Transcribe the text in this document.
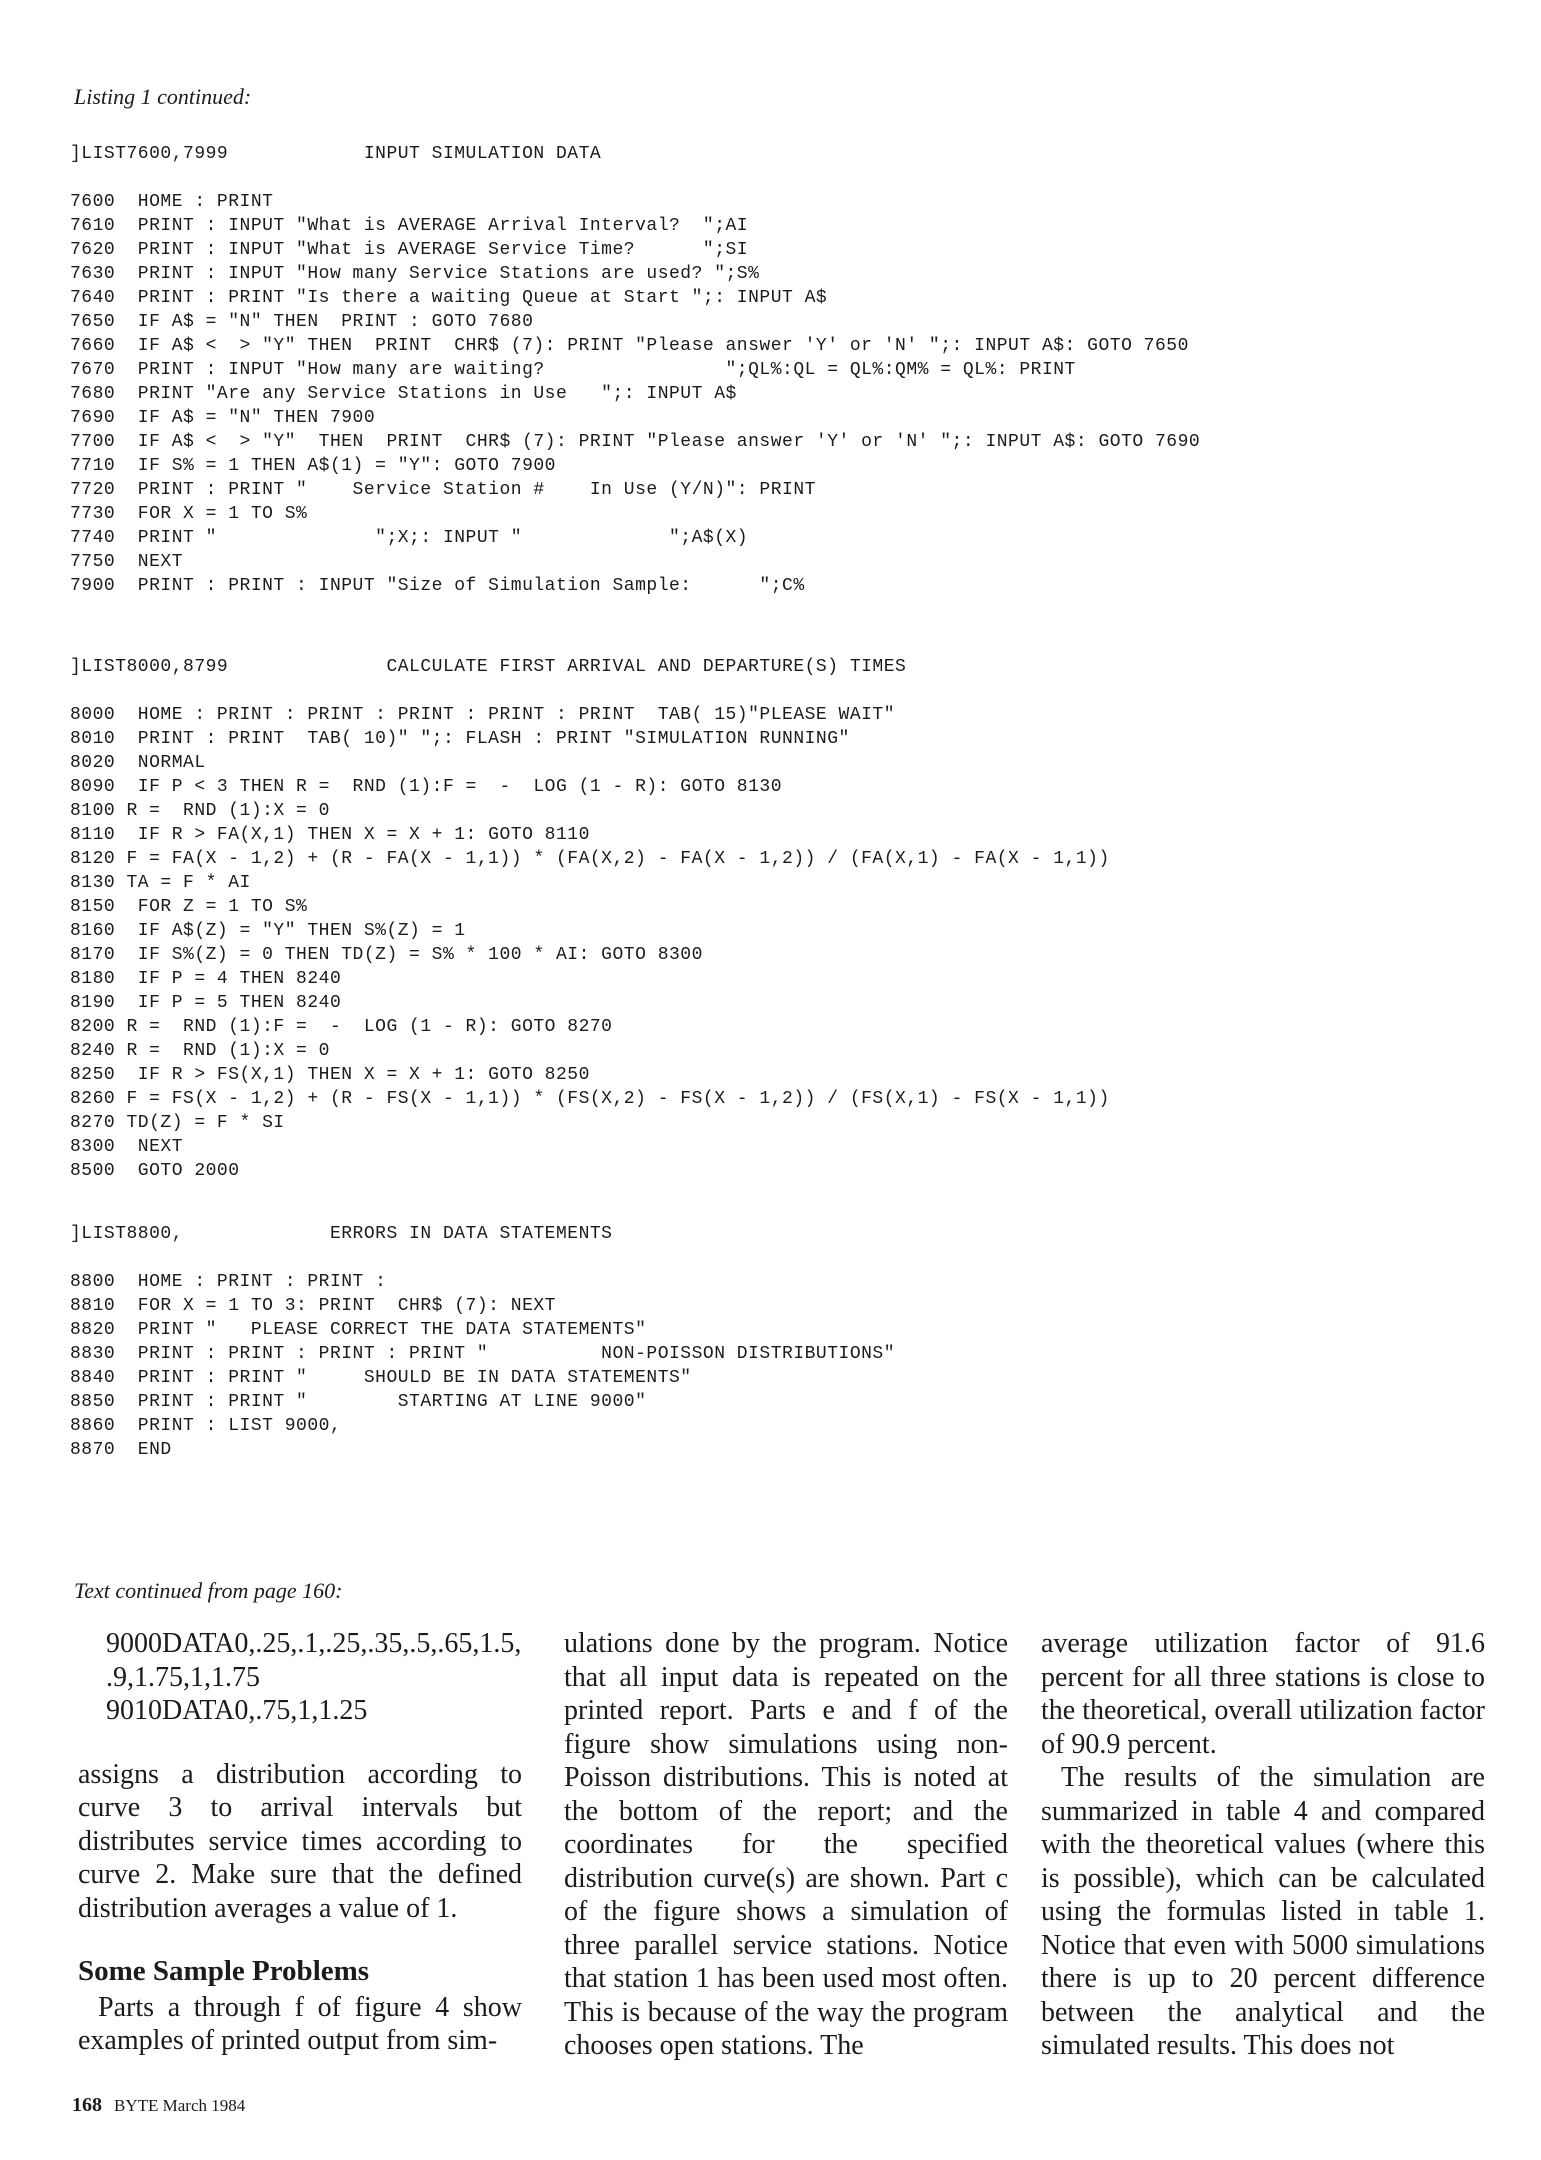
Listing 1 continued:
]LIST7600,7999            INPUT SIMULATION DATA
7600  HOME : PRINT
7610  PRINT : INPUT "What is AVERAGE Arrival Interval?  ";AI
7620  PRINT : INPUT "What is AVERAGE Service Time?      ";SI
7630  PRINT : INPUT "How many Service Stations are used? ";S%
7640  PRINT : PRINT "Is there a waiting Queue at Start ";: INPUT A$
7650  IF A$ = "N" THEN  PRINT : GOTO 7680
7660  IF A$ <  > "Y" THEN  PRINT  CHR$ (7): PRINT "Please answer 'Y' or 'N' ";: INPUT A$: GOTO 7650
7670  PRINT : INPUT "How many are waiting?                ";QL%:QL = QL%:QM% = QL%: PRINT
7680  PRINT "Are any Service Stations in Use   ";: INPUT A$
7690  IF A$ = "N" THEN 7900
7700  IF A$ <  > "Y"  THEN  PRINT  CHR$ (7): PRINT "Please answer 'Y' or 'N' ";: INPUT A$: GOTO 7690
7710  IF S% = 1 THEN A$(1) = "Y": GOTO 7900
7720  PRINT : PRINT "    Service Station #    In Use (Y/N)": PRINT
7730  FOR X = 1 TO S%
7740  PRINT "              ";X;: INPUT "             ";A$(X)
7750  NEXT
7900  PRINT : PRINT : INPUT "Size of Simulation Sample:      ";C%
]LIST8000,8799              CALCULATE FIRST ARRIVAL AND DEPARTURE(S) TIMES
8000  HOME : PRINT : PRINT : PRINT : PRINT : PRINT  TAB( 15)"PLEASE WAIT"
8010  PRINT : PRINT  TAB( 10)" ";: FLASH : PRINT "SIMULATION RUNNING"
8020  NORMAL
8090  IF P < 3 THEN R =  RND (1):F =  -  LOG (1 - R): GOTO 8130
8100 R =  RND (1):X = 0
8110  IF R > FA(X,1) THEN X = X + 1: GOTO 8110
8120 F = FA(X - 1,2) + (R - FA(X - 1,1)) * (FA(X,2) - FA(X - 1,2)) / (FA(X,1) - FA(X - 1,1))
8130 TA = F * AI
8150  FOR Z = 1 TO S%
8160  IF A$(Z) = "Y" THEN S%(Z) = 1
8170  IF S%(Z) = 0 THEN TD(Z) = S% * 100 * AI: GOTO 8300
8180  IF P = 4 THEN 8240
8190  IF P = 5 THEN 8240
8200 R =  RND (1):F =  -  LOG (1 - R): GOTO 8270
8240 R =  RND (1):X = 0
8250  IF R > FS(X,1) THEN X = X + 1: GOTO 8250
8260 F = FS(X - 1,2) + (R - FS(X - 1,1)) * (FS(X,2) - FS(X - 1,2)) / (FS(X,1) - FS(X - 1,1))
8270 TD(Z) = F * SI
8300  NEXT
8500  GOTO 2000
]LIST8800,             ERRORS IN DATA STATEMENTS
8800  HOME : PRINT : PRINT :
8810  FOR X = 1 TO 3: PRINT  CHR$ (7): NEXT
8820  PRINT "   PLEASE CORRECT THE DATA STATEMENTS"
8830  PRINT : PRINT : PRINT : PRINT "          NON-POISSON DISTRIBUTIONS"
8840  PRINT : PRINT "     SHOULD BE IN DATA STATEMENTS"
8850  PRINT : PRINT "        STARTING AT LINE 9000"
8860  PRINT : LIST 9000,
8870  END
Text continued from page 160:
9000DATA0,.25,.1,.25,.35,.5,.65,1.5,
.9,1.75,1,1.75
9010DATA0,.75,1,1.25

assigns a distribution according to curve 3 to arrival intervals but distributes service times according to curve 2. Make sure that the defined distribution averages a value of 1.

Some Sample Problems

Parts a through f of figure 4 show examples of printed output from sim-

ulations done by the program. Notice that all input data is repeated on the printed report. Parts e and f of the figure show simulations using non-Poisson distributions. This is noted at the bottom of the report; and the coordinates for the specified distribution curve(s) are shown. Part c of the figure shows a simulation of three parallel service stations. Notice that station 1 has been used most often. This is because of the way the program chooses open stations. The

average utilization factor of 91.6 percent for all three stations is close to the theoretical, overall utilization factor of 90.9 percent.

The results of the simulation are summarized in table 4 and compared with the theoretical values (where this is possible), which can be calculated using the formulas listed in table 1. Notice that even with 5000 simulations there is up to 20 percent difference between the analytical and the simulated results. This does not

168 BYTE March 1984
